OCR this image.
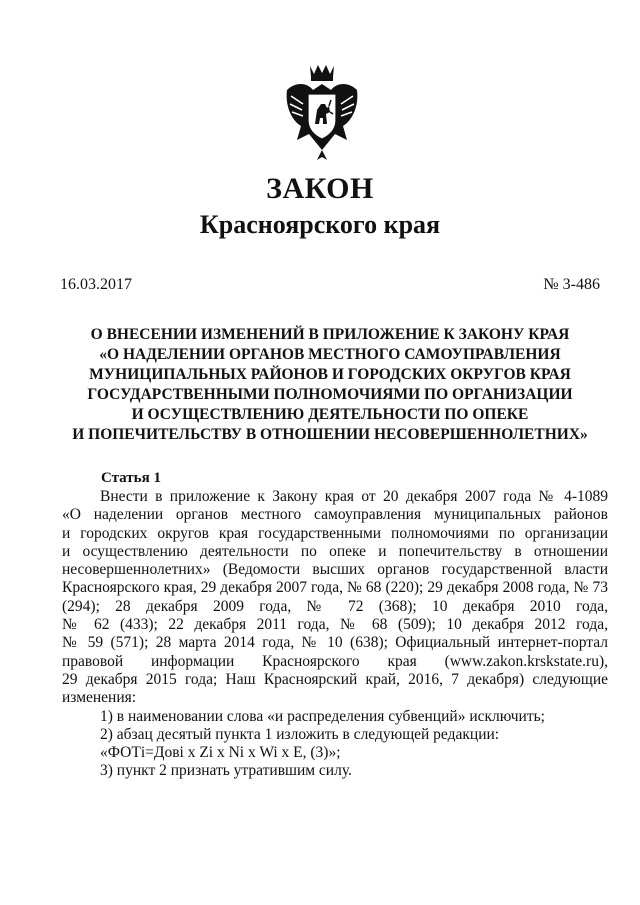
ЗАКОН
Красноярского края
16.03.2017	№ 3-486
О ВНЕСЕНИИ ИЗМЕНЕНИЙ В ПРИЛОЖЕНИЕ К ЗАКОНУ КРАЯ
«О НАДЕЛЕНИИ ОРГАНОВ МЕСТНОГО САМОУПРАВЛЕНИЯ
МУНИЦИПАЛЬНЫХ РАЙОНОВ И ГОРОДСКИХ ОКРУГОВ КРАЯ
ГОСУДАРСТВЕННЫМИ ПОЛНОМОЧИЯМИ ПО ОРГАНИЗАЦИИ
И ОСУЩЕСТВЛЕНИЮ ДЕЯТЕЛЬНОСТИ ПО ОПЕКЕ
И ПОПЕЧИТЕЛЬСТВУ В ОТНОШЕНИИ НЕСОВЕРШЕННОЛЕТНИХ»
Статья 1
Внести в приложение к Закону края от 20 декабря 2007 года № 4-1089
«О наделении органов местного самоуправления муниципальных районов
и городских округов края государственными полномочиями по организации
и осуществлению деятельности по опеке и попечительству в отношении
несовершеннолетних» (Ведомости высших органов государственной власти
Красноярского края, 29 декабря 2007 года, № 68 (220); 29 декабря 2008 года, № 73
(294); 28 декабря 2009 года, № 72 (368); 10 декабря 2010 года,
№ 62 (433); 22 декабря 2011 года, № 68 (509); 10 декабря 2012 года,
№ 59 (571); 28 марта 2014 года, № 10 (638); Официальный интернет-портал
правовой информации Красноярского края (www.zakon.krskstate.ru),
29 декабря 2015 года; Наш Красноярский край, 2016, 7 декабря) следующие
изменения:
1) в наименовании слова «и распределения субвенций» исключить;
2) абзац десятый пункта 1 изложить в следующей редакции:
«ФОТі=Дові x Zi x Ni x Wi x E, (3)»;
3) пункт 2 признать утратившим силу.
